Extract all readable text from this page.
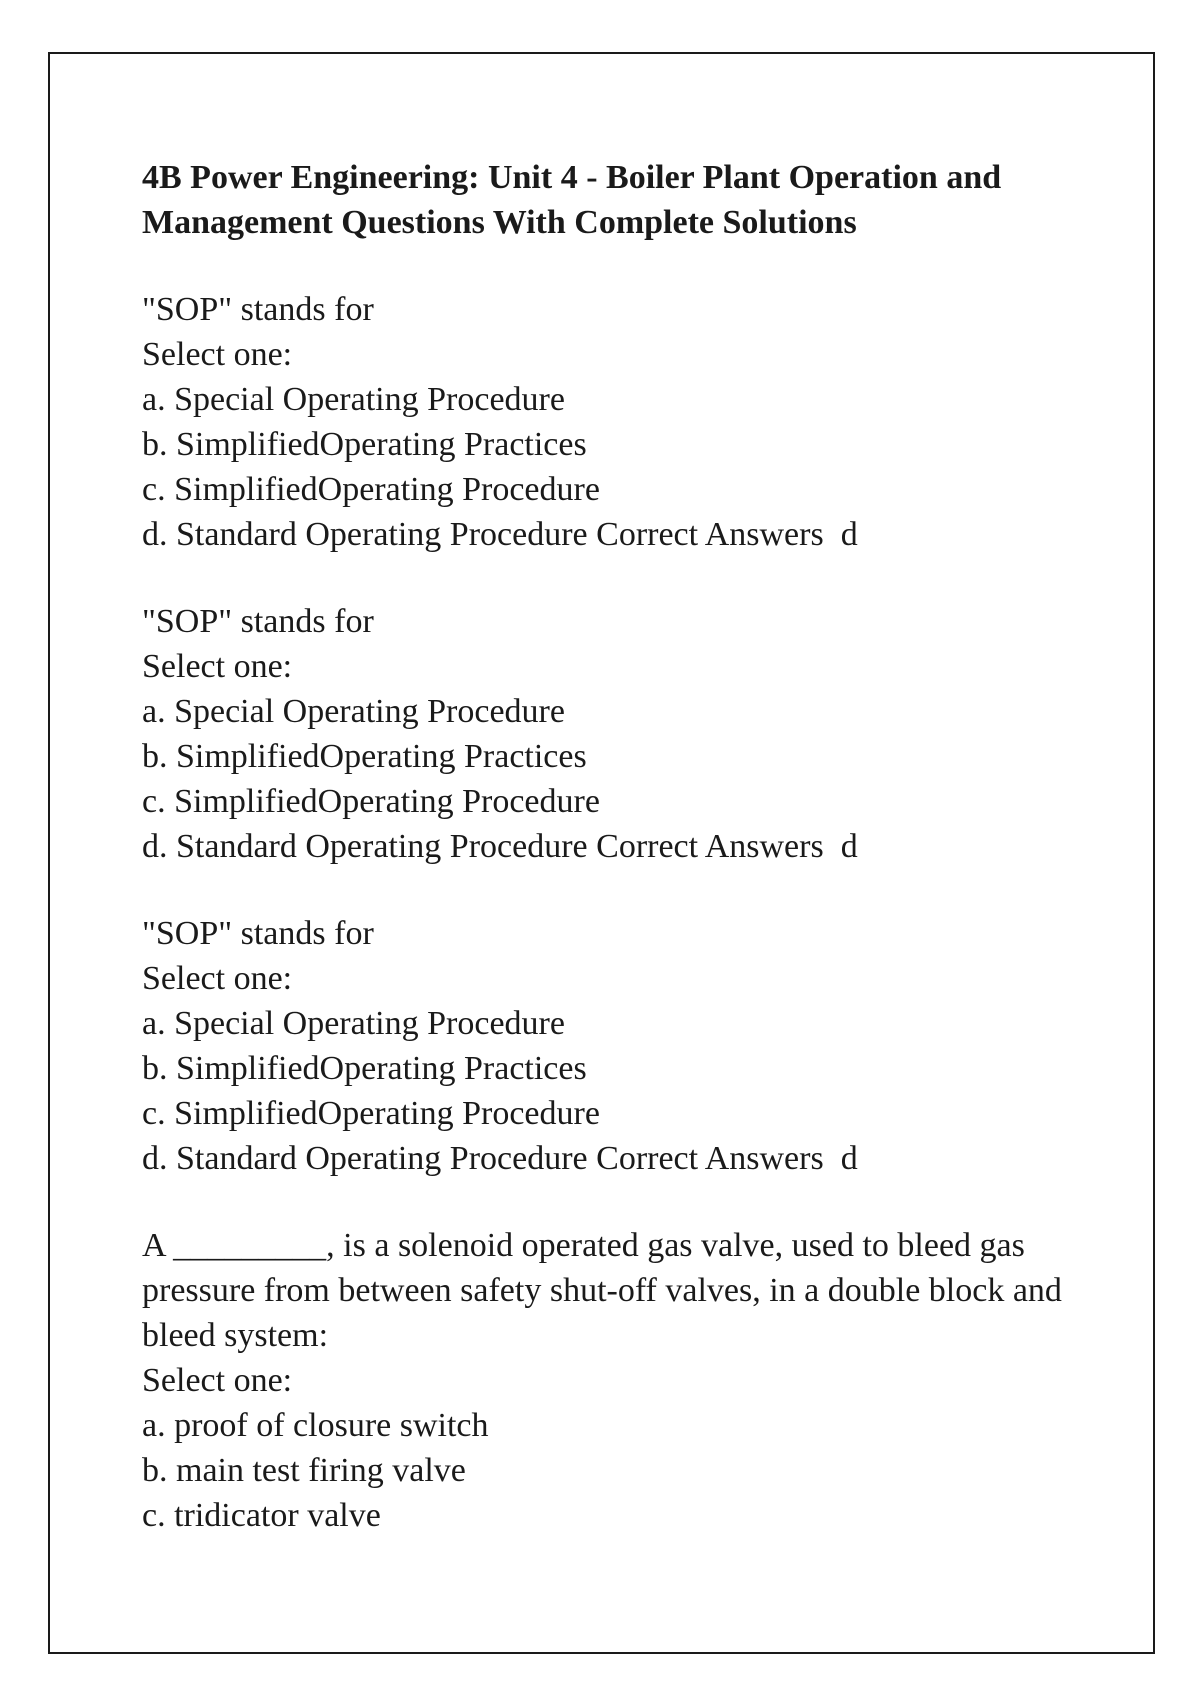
4B Power Engineering: Unit 4 - Boiler Plant Operation and Management Questions With Complete Solutions
"SOP" stands for
Select one:
a. Special Operating Procedure
b. SimplifiedOperating Practices
c. SimplifiedOperating Procedure
d. Standard Operating Procedure Correct Answers  d
"SOP" stands for
Select one:
a. Special Operating Procedure
b. SimplifiedOperating Practices
c. SimplifiedOperating Procedure
d. Standard Operating Procedure Correct Answers  d
"SOP" stands for
Select one:
a. Special Operating Procedure
b. SimplifiedOperating Practices
c. SimplifiedOperating Procedure
d. Standard Operating Procedure Correct Answers  d
A _________, is a solenoid operated gas valve, used to bleed gas pressure from between safety shut-off valves, in a double block and bleed system:
Select one:
a. proof of closure switch
b. main test firing valve
c. tridicator valve
